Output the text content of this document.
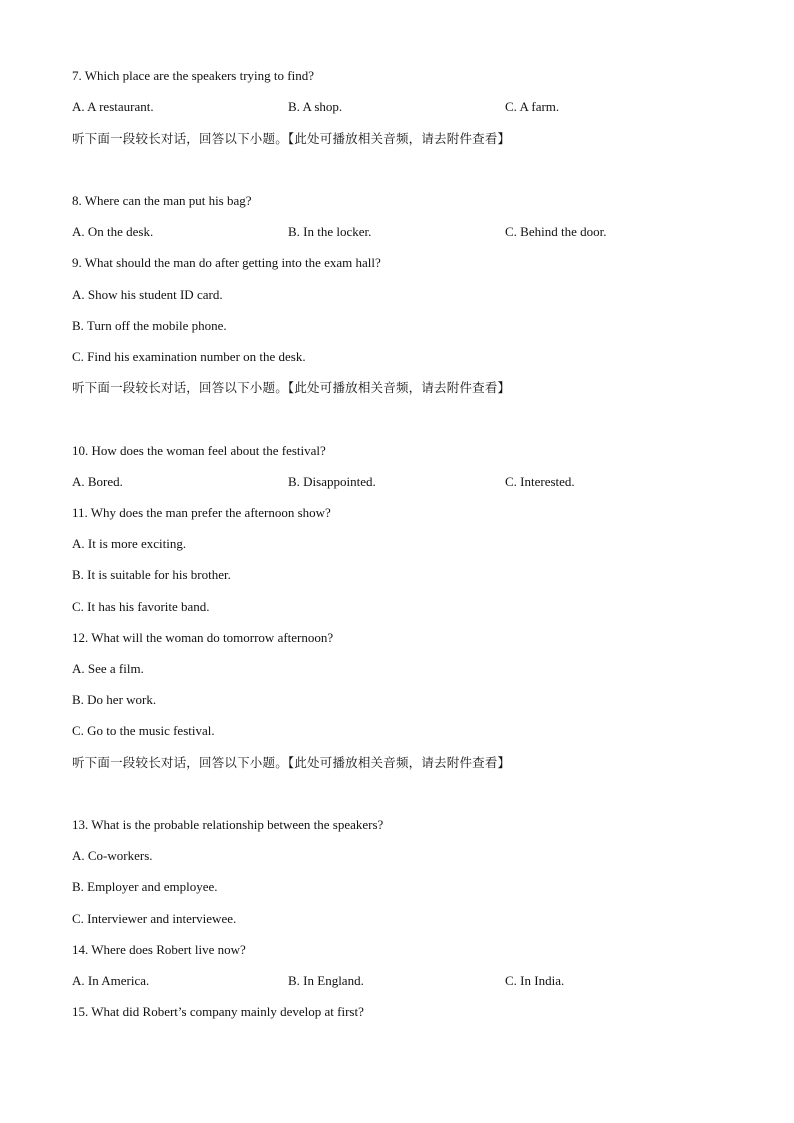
7. Which place are the speakers trying to find?
A. A restaurant.	B. A shop.	C. A farm.
听下面一段较长对话，回答以下小题。【此处可播放相关音频，请去附件查看】
8. Where can the man put his bag?
A. On the desk.	B. In the locker.	C. Behind the door.
9. What should the man do after getting into the exam hall?
A. Show his student ID card.
B. Turn off the mobile phone.
C. Find his examination number on the desk.
听下面一段较长对话，回答以下小题。【此处可播放相关音频，请去附件查看】
10. How does the woman feel about the festival?
A. Bored.	B. Disappointed.	C. Interested.
11. Why does the man prefer the afternoon show?
A. It is more exciting.
B. It is suitable for his brother.
C. It has his favorite band.
12. What will the woman do tomorrow afternoon?
A. See a film.
B. Do her work.
C. Go to the music festival.
听下面一段较长对话，回答以下小题。【此处可播放相关音频，请去附件查看】
13. What is the probable relationship between the speakers?
A. Co-workers.
B. Employer and employee.
C. Interviewer and interviewee.
14. Where does Robert live now?
A. In America.	B. In England.	C. In India.
15. What did Robert’s company mainly develop at first?
